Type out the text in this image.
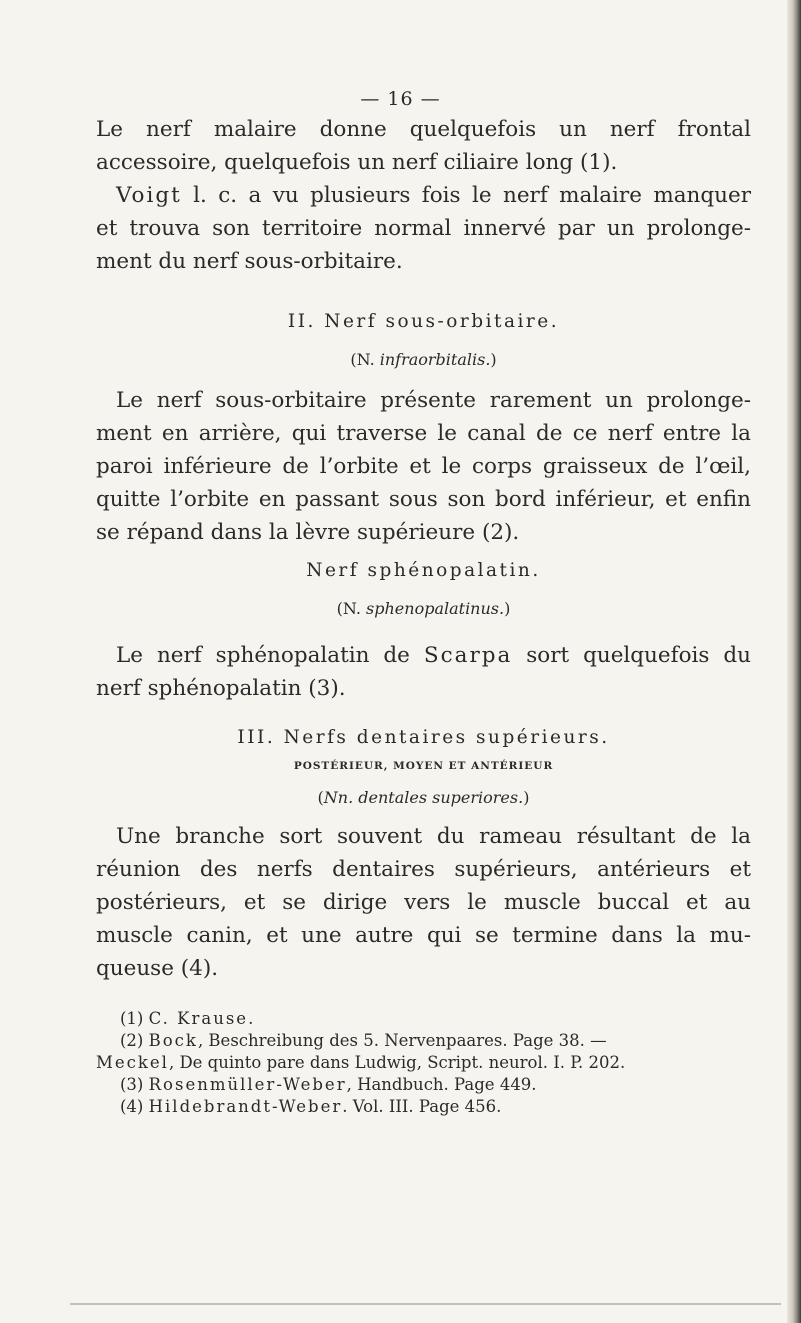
— 16 —

Le nerf malaire donne quelquefois un nerf frontal
accessoire, quelquefois un nerf ciliaire long (1).

Voigt l. c. a vu plusieurs fois le nerf malaire manquer
et trouva son territoire normal innervé par un prolonge-
ment du nerf sous-orbitaire.

II. Nerf sous-orbitaire.

(N. infraorbitalis.)

Le nerf sous-orbitaire présente rarement un prolonge-
ment en arrière, qui traverse le canal de ce nerf entre la
paroi inférieure de l’orbite et le corps graisseux de l’œil,
quitte l’orbite en passant sous son bord inférieur, et enfin
se répand dans la lèvre supérieure (2).

Nerf sphénopalatin.

(N. sphenopalatinus.)

Le nerf sphénopalatin de Scarpa sort quelquefois du
nerf sphénopalatin (3).

III. Nerfs dentaires supérieurs.

POSTÉRIEUR, MOYEN ET ANTÉRIEUR

(Nn. dentales superiores.)

Une branche sort souvent du rameau résultant de la
réunion des nerfs dentaires supérieurs, antérieurs et
postérieurs, et se dirige vers le muscle buccal et au
muscle canin, et une autre qui se termine dans la mu-
queuse (4).

(1) C. Krause.

(2) Bock, Beschreibung des 5. Nervenpaares. Page 38. —

Meckel, De quinto pare dans Ludwig, Script. neurol. I. P. 202.

(3) Rosenmüller-Weber, Handbuch. Page 449.

(4) Hildebrandt-Weber. Vol. III. Page 456.
